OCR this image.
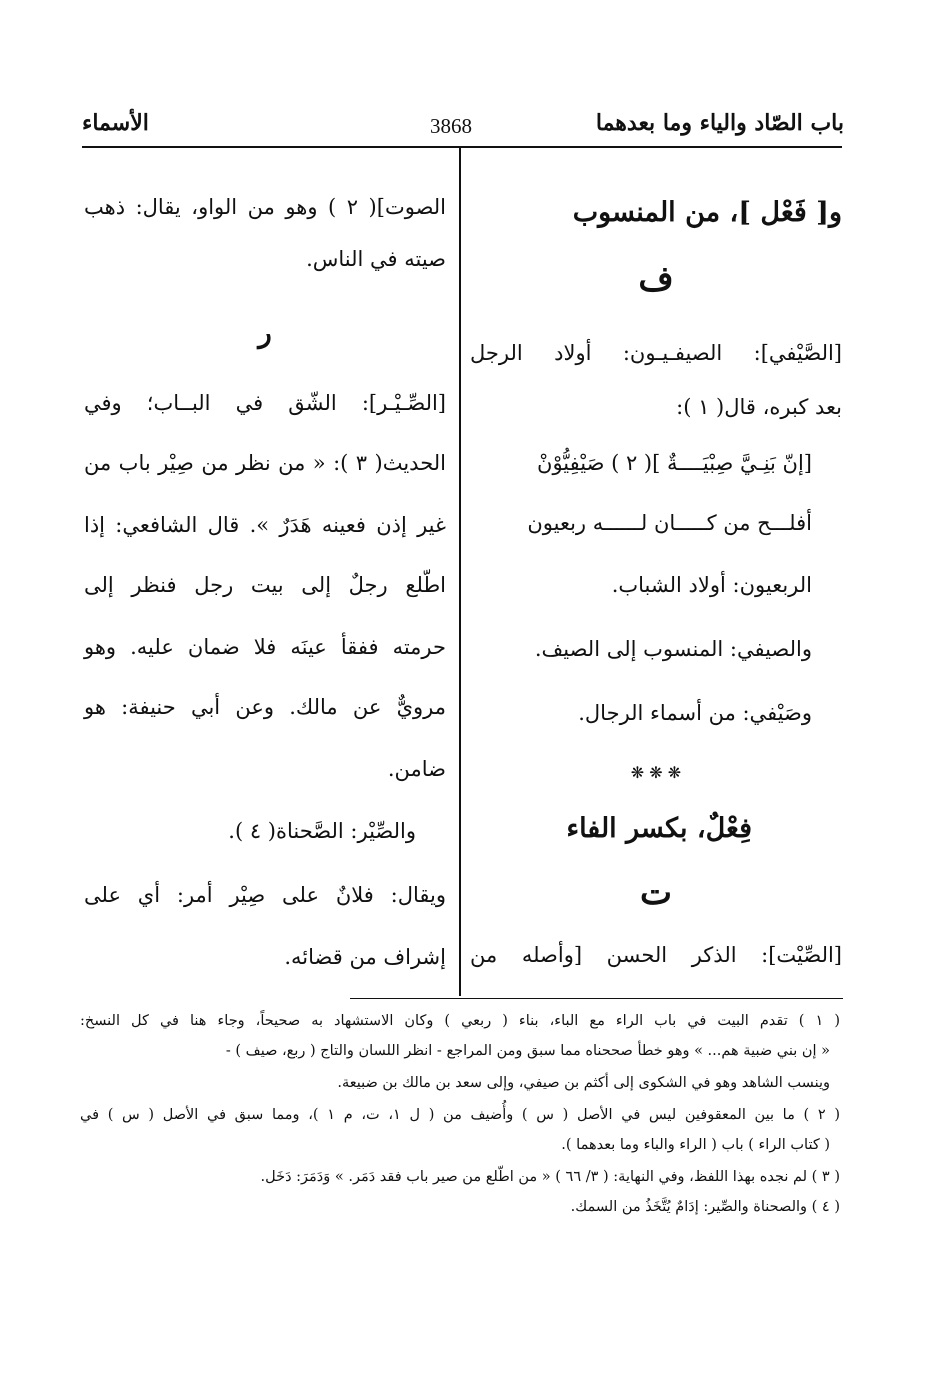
باب الصّاد والياء وما بعدهما
3868
الأسماء
و[ فَعْل ]، من المنسوب
ف
[الصَّيْفي]: الصيفـيـون: أولاد الرجل
بعد كبره، قال( ١ ):
[إنّ بَنِـيَّ صِبْيَــــةٌ ]( ٢ ) صَيْفِيُّوْنْ
أفلـــح من كـــــان لــــــه ربعيون
الربعيون: أولاد الشباب.
والصيفي: المنسوب إلى الصيف.
وصَيْفي: من أسماء الرجال.
❋ ❋ ❋
فِعْلٌ، بكسر الفاء
ت
[الصِّيْت]: الذكر الحسن [وأصله من
الصوت]( ٢ ) وهو من الواو، يقال: ذهب
صيته في الناس.
ر
[الصِّـيْـر]: الشّق في البــاب؛ وفي
الحديث( ٣ ): « من نظر من صِيْر باب من
غير إذن فعينه هَدَرٌ ». قال الشافعي: إذا
اطّلع رجلٌ إلى بيت رجل فنظر إلى
حرمته ففقأ عينَه فلا ضمان عليه. وهو
مرويٌّ عن مالك. وعن أبي حنيفة: هو
ضامن.
والصِّيْر: الصَّحناة( ٤ ).
ويقال: فلانٌ على صِيْر أمر: أي على
إشراف من قضائه.
( ١ ) تقدم البيت في باب الراء مع الباء، بناء ( ربعي ) وكان الاستشهاد به صحيحاً، وجاء هنا في كل النسخ:
« إن بني ضبية هم... » وهو خطأ صححناه مما سبق ومن المراجع - انظر اللسان والتاج ( ربع، صيف ) -
وينسب الشاهد وهو في الشكوى إلى أكثم بن صيفي، وإلى سعد بن مالك بن ضبيعة.
( ٢ ) ما بين المعقوفين ليس في الأصل ( س ) وأُضيف من ( ل ١، ت، م ١ )، ومما سبق في الأصل ( س ) في
( كتاب الراء ) باب ( الراء والباء وما بعدهما ).
( ٣ ) لم نجده بهذا اللفظ، وفي النهاية: ( ٣/ ٦٦ ) « من اطّلع من صير باب فقد دَمَر. » وَدَمَرَ: دَخَل.
( ٤ ) والصحناة والصِّير: إدَامٌ يُتَّخَذُ من السمك.
